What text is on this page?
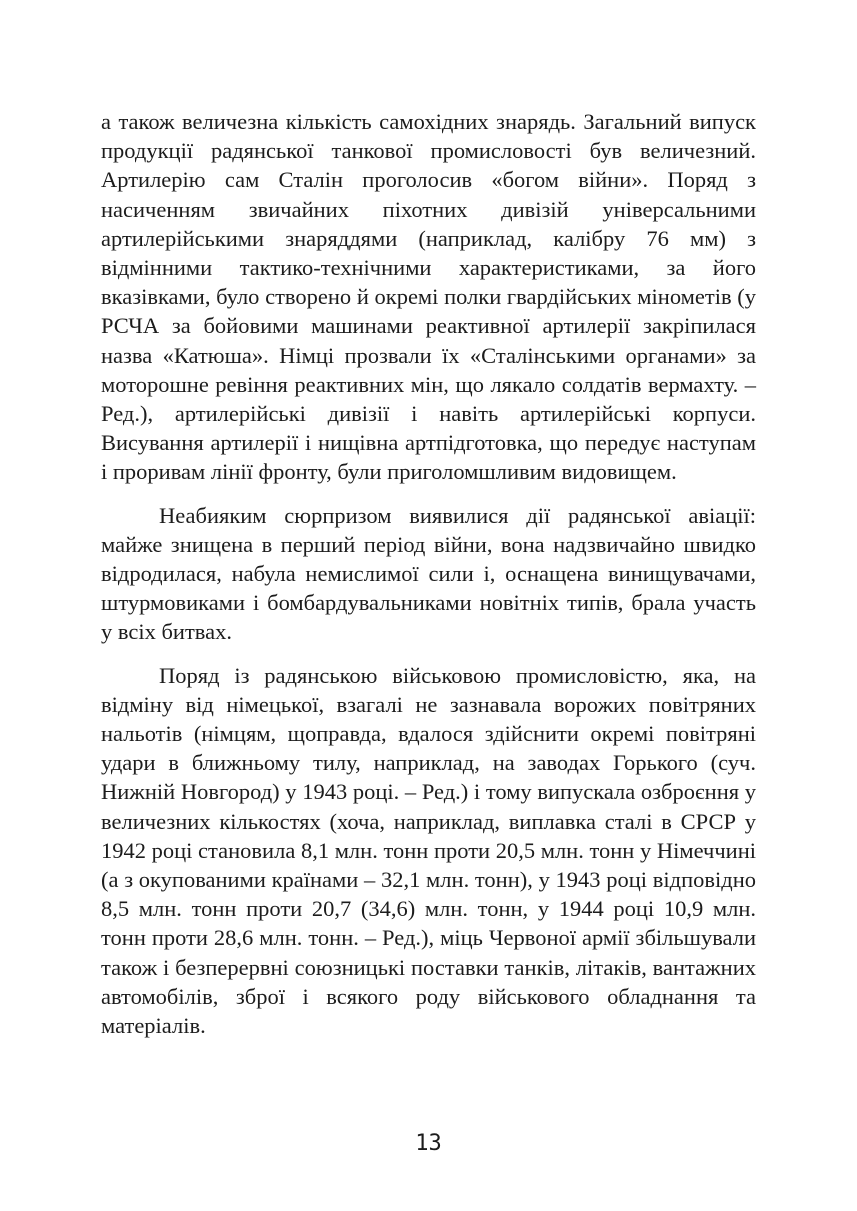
а також величезна кількість самохідних знарядь. Загальний випуск продукції радянської танкової промисловості був величезний. Артилерію сам Сталін проголосив «богом війни». Поряд з насиченням звичайних піхотних дивізій універсальними артилерійськими знаряддями (наприклад, калібру 76 мм) з відмінними тактико-технічними характеристиками, за його вказівками, було створено й окремі полки гвардійських мінометів (у РСЧА за бойовими машинами реактивної артилерії закріпилася назва «Катюша». Німці прозвали їх «Сталінськими органами» за моторошне ревіння реактивних мін, що лякало солдатів вермахту. – Ред.), артилерійські дивізії і навіть артилерійські корпуси. Висування артилерії і нищівна артпідготовка, що передує наступам і проривам лінії фронту, були приголомшливим видовищем.

Неабияким сюрпризом виявилися дії радянської авіації: майже знищена в перший період війни, вона надзвичайно швидко відродилася, набула немислимої сили і, оснащена винищувачами, штурмовиками і бомбардувальниками новітніх типів, брала участь у всіх битвах.

Поряд із радянською військовою промисловістю, яка, на відміну від німецької, взагалі не зазнавала ворожих повітряних нальотів (німцям, щоправда, вдалося здійснити окремі повітряні удари в ближньому тилу, наприклад, на заводах Горького (суч. Нижній Новгород) у 1943 році. – Ред.) і тому випускала озброєння у величезних кількостях (хоча, наприклад, виплавка сталі в СРСР у 1942 році становила 8,1 млн. тонн проти 20,5 млн. тонн у Німеччині (а з окупованими країнами – 32,1 млн. тонн), у 1943 році відповідно 8,5 млн. тонн проти 20,7 (34,6) млн. тонн, у 1944 році 10,9 млн. тонн проти 28,6 млн. тонн. – Ред.), міць Червоної армії збільшували також і безперервні союзницькі поставки танків, літаків, вантажних автомобілів, зброї і всякого роду військового обладнання та матеріалів.

13
